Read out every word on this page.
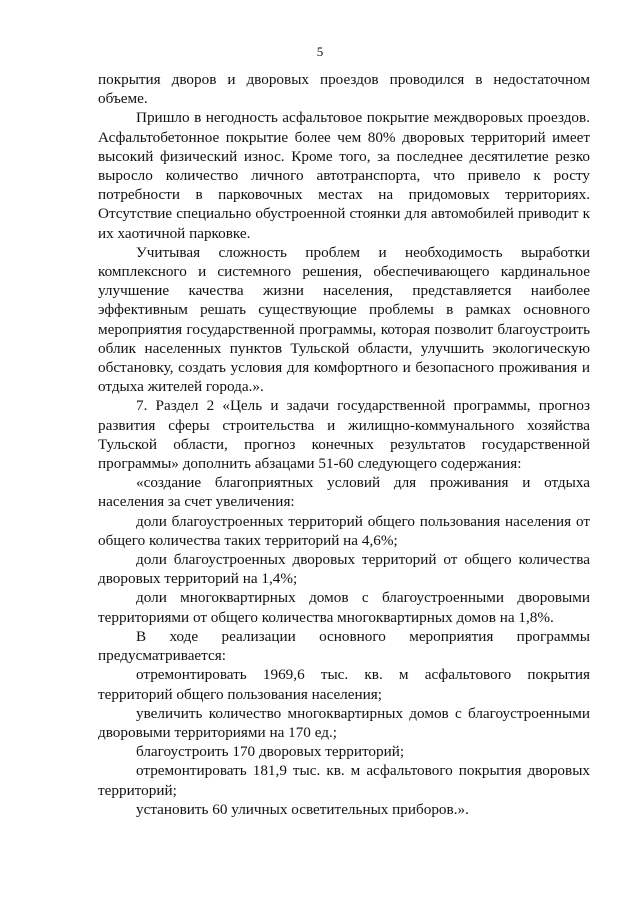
5

покрытия дворов и дворовых проездов проводился в недостаточном объеме.

Пришло в негодность асфальтовое покрытие междворовых проездов. Асфальтобетонное покрытие более чем 80% дворовых территорий имеет высокий физический износ. Кроме того, за последнее десятилетие резко выросло количество личного автотранспорта, что привело к росту потребности в парковочных местах на придомовых территориях. Отсутствие специально обустроенной стоянки для автомобилей приводит к их хаотичной парковке.

Учитывая сложность проблем и необходимость выработки комплексного и системного решения, обеспечивающего кардинальное улучшение качества жизни населения, представляется наиболее эффективным решать существующие проблемы в рамках основного мероприятия государственной программы, которая позволит благоустроить облик населенных пунктов Тульской области, улучшить экологическую обстановку, создать условия для комфортного и безопасного проживания и отдыха жителей города.».

7. Раздел 2 «Цель и задачи государственной программы, прогноз развития сферы строительства и жилищно-коммунального хозяйства Тульской области, прогноз конечных результатов государственной программы» дополнить абзацами 51-60 следующего содержания:

«создание благоприятных условий для проживания и отдыха населения за счет увеличения:

доли благоустроенных территорий общего пользования населения от общего количества таких территорий на 4,6%;

доли благоустроенных дворовых территорий от общего количества дворовых территорий на 1,4%;

доли многоквартирных домов с благоустроенными дворовыми территориями от общего количества многоквартирных домов на 1,8%.

В ходе реализации основного мероприятия программы предусматривается:

отремонтировать 1969,6 тыс. кв. м асфальтового покрытия территорий общего пользования населения;

увеличить количество многоквартирных домов с благоустроенными дворовыми территориями на 170 ед.;

благоустроить 170 дворовых территорий;

отремонтировать 181,9 тыс. кв. м асфальтового покрытия дворовых территорий;

установить 60 уличных осветительных приборов.».
